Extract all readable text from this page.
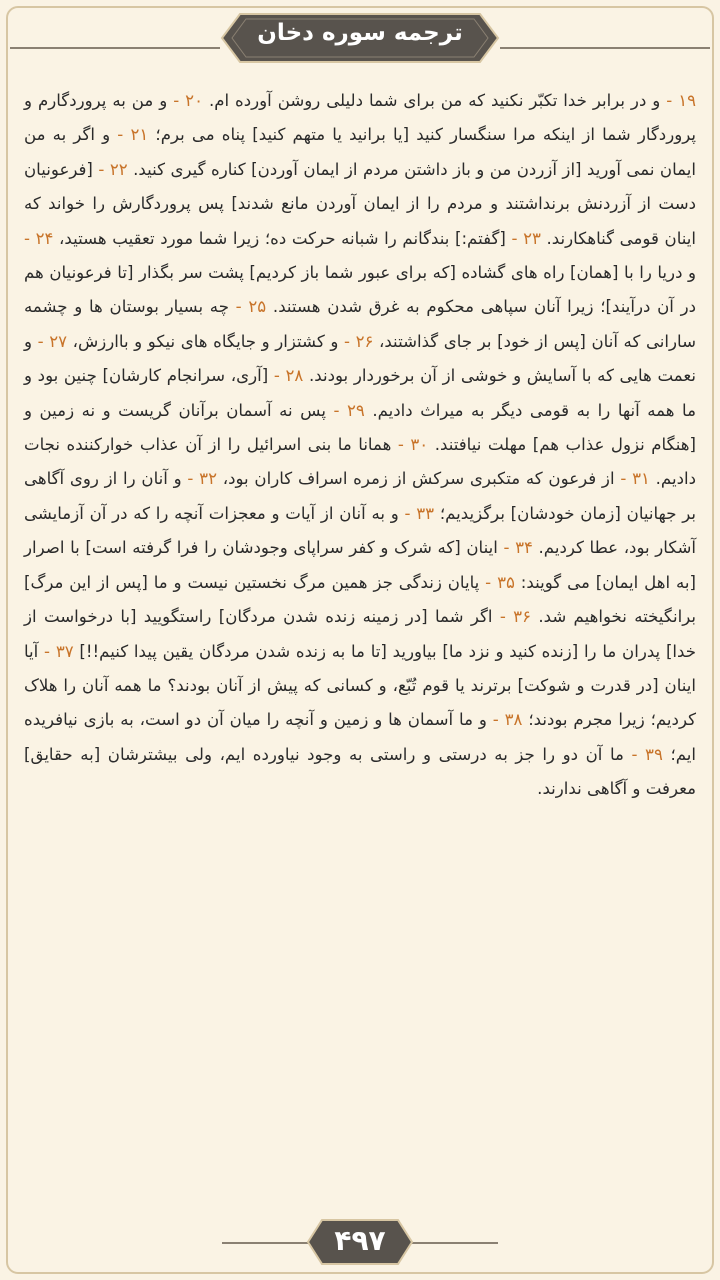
ترجمه سوره دخان

۱۹ - و در برابر خدا تکبّر نکنید که من برای شما دلیلی روشن آورده ام. ۲۰ - و من به پروردگارم و پروردگار شما از اینکه مرا سنگسار کنید [یا برانید یا متهم کنید] پناه می برم؛ ۲۱ - و اگر به من ایمان نمی آورید [از آزردن من و باز داشتن مردم از ایمان آوردن] کناره گیری کنید. ۲۲ - [فرعونیان دست از آزردنش برنداشتند و مردم را از ایمان آوردن مانع شدند] پس پروردگارش را خواند که اینان قومی گناهکارند. ۲۳ - [گفتم:] بندگانم را شبانه حرکت ده؛ زیرا شما مورد تعقیب هستید، ۲۴ - و دریا را با [همان] راه های گشاده [که برای عبور شما باز کردیم] پشت سر بگذار [تا فرعونیان هم در آن درآیند]؛ زیرا آنان سپاهی محکوم به غرق شدن هستند. ۲۵ - چه بسیار بوستان ها و چشمه سارانی که آنان [پس از خود] بر جای گذاشتند، ۲۶ - و کشتزار و جایگاه های نیکو و باارزش، ۲۷ - و نعمت هایی که با آسایش و خوشی از آن برخوردار بودند. ۲۸ - [آری، سرانجام کارشان] چنین بود و ما همه آنها را به قومی دیگر به میراث دادیم. ۲۹ - پس نه آسمان برآنان گریست و نه زمین و [هنگام نزول عذاب هم] مهلت نیافتند. ۳۰ - همانا ما بنی اسرائیل را از آن عذاب خوارکننده نجات دادیم. ۳۱ - از فرعون که متکبری سرکش از زمره اسراف کاران بود، ۳۲ - و آنان را از روی آگاهی بر جهانیان [زمان خودشان] برگزیدیم؛ ۳۳ - و به آنان از آیات و معجزات آنچه را که در آن آزمایشی آشکار بود، عطا کردیم. ۳۴ - اینان [که شرک و کفر سراپای وجودشان را فرا گرفته است] با اصرار [به اهل ایمان] می گویند: ۳۵ - پایان زندگی جز همین مرگ نخستین نیست و ما [پس از این مرگ] برانگیخته نخواهیم شد. ۳۶ - اگر شما [در زمینه زنده شدن مردگان] راستگویید [با درخواست از خدا] پدران ما را [زنده کنید و نزد ما] بیاورید [تا ما به زنده شدن مردگان یقین پیدا کنیم!!] ۳۷ - آیا اینان [در قدرت و شوکت] برترند یا قوم تُبّع، و کسانی که پیش از آنان بودند؟ ما همه آنان را هلاک کردیم؛ زیرا مجرم بودند؛ ۳۸ - و ما آسمان ها و زمین و آنچه را میان آن دو است، به بازی نیافریده ایم؛ ۳۹ - ما آن دو را جز به درستی و راستی به وجود نیاورده ایم، ولی بیشترشان [به حقایق] معرفت و آگاهی ندارند.

۴۹۷
